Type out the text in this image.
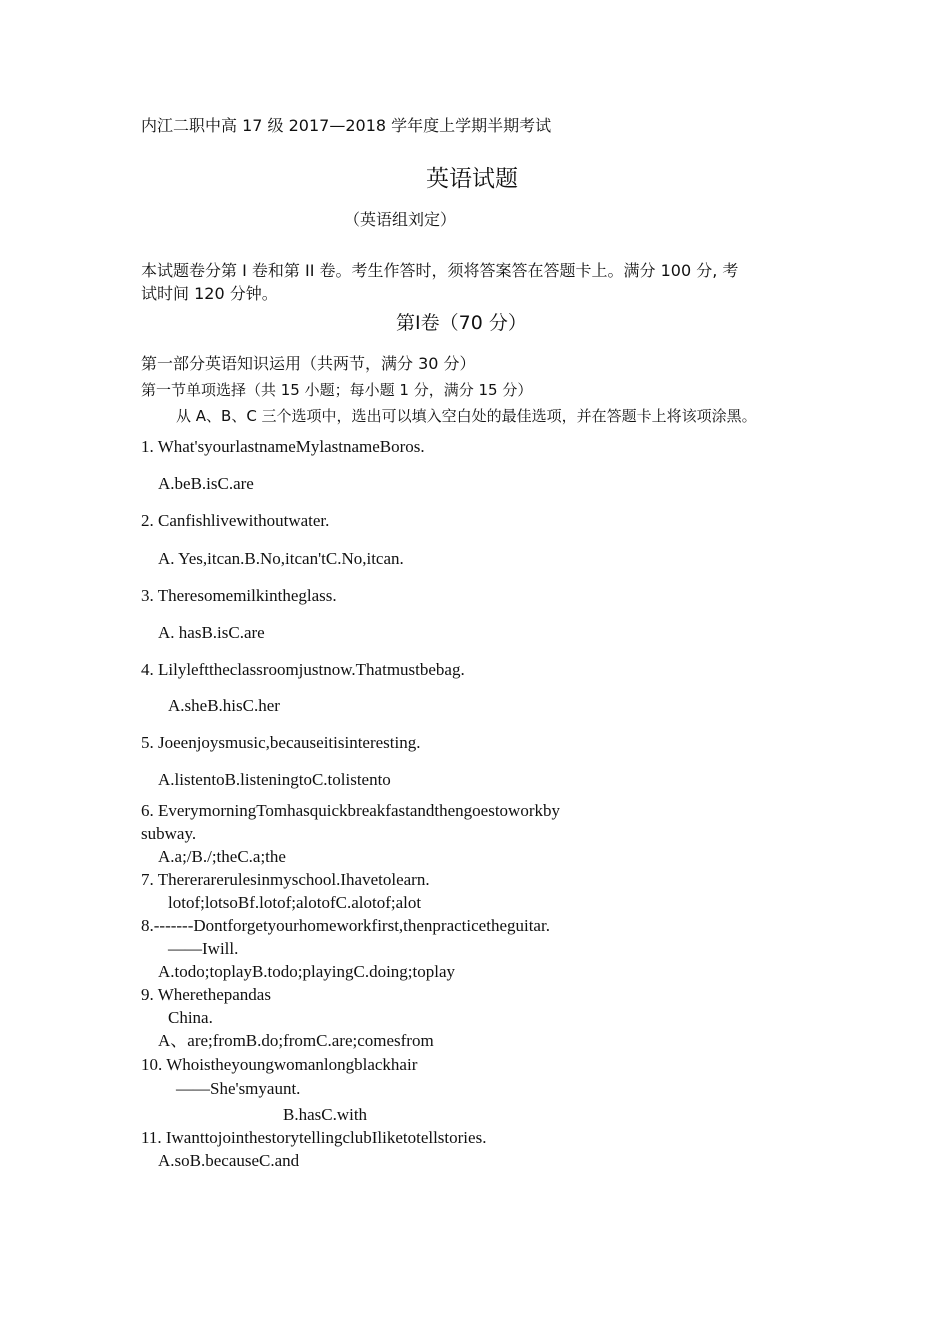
内江二职中高 17 级 2017—2018 学年度上学期半期考试
英语试题
（英语组刘定）
本试题卷分第 I 卷和第 II 卷。考生作答时，须将答案答在答题卡上。满分 100 分, 考
试时间 120 分钟。
第Ⅰ卷（70 分）
第一部分英语知识运用（共两节，满分 30 分）
第一节单项选择（共 15 小题；每小题 1 分，满分 15 分）
从 A、B、C 三个选项中，选出可以填入空白处的最佳选项，并在答题卡上将该项涂黑。
1. What'syourlastnameMylastnameBoros.
A.beB.isC.are
2. Canfishlivewithoutwater.
A. Yes,itcan.B.No,itcan'tC.No,itcan.
3. Theresomemilkintheglass.
A. hasB.isC.are
4. Lilylefttheclassroomjustnow.Thatmustbebag.
A.sheB.hisC.her
5. Joeenjoysmusic,becauseitisinteresting.
A.listentoB.listeningtoC.tolistento
6. EverymorningTomhasquickbreakfastandthengoestoworkby
subway.
A.a;/B./;theC.a;the
7. Thererarerulesinmyschool.Ihavetolearn.
lotof;lotsoBf.lotof;alotofC.alotof;alot
8.-------Dontforgetyourhomeworkfirst,thenpracticetheguitar.
——Iwill.
A.todo;toplayB.todo;playingC.doing;toplay
9. Wherethepandas
China.
A、are;fromB.do;fromC.are;comesfrom
10. Whoistheyoungwomanlongblackhair
——She'smyaunt.
B.hasC.with
11. IwanttojointhestorytellingclubIliketotellstories.
A.soB.becauseC.and
